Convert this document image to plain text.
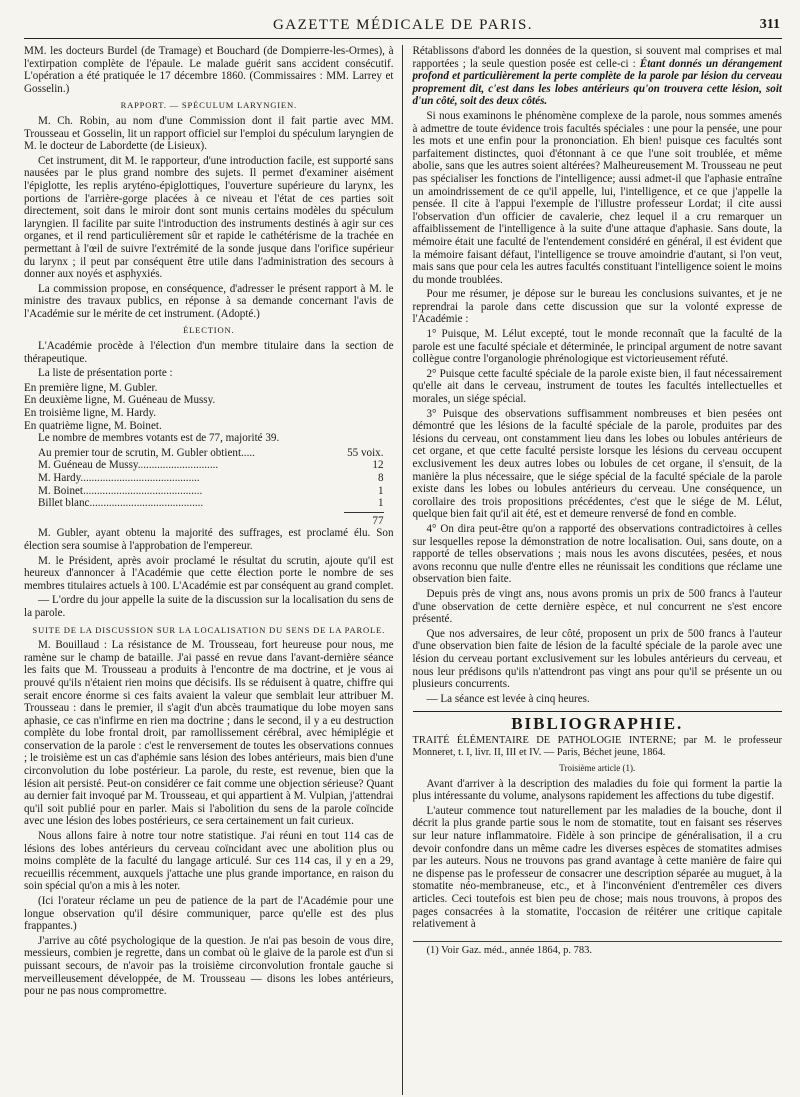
GAZETTE MÉDICALE DE PARIS.	311

MM. les docteurs Burdel (de Tramage) et Bouchard (de Dompierre-les-Ormes), à l'extirpation complète de l'épaule. Le malade guérit sans accident consécutif. L'opération a été pratiquée le 17 décembre 1860. (Commissaires : MM. Larrey et Gosselin.)

RAPPORT. — SPÉCULUM LARYNGIEN.

M. Ch. Robin, au nom d'une Commission dont il fait partie avec MM. Trousseau et Gosselin, lit un rapport officiel sur l'emploi du spéculum laryngien de M. le docteur de Labordette (de Lisieux).

Cet instrument, dit M. le rapporteur, d'une introduction facile, est supporté sans nausées par le plus grand nombre des sujets. Il permet d'examiner aisément l'épiglotte, les replis aryténo-épiglottiques, l'ouverture supérieure du larynx, les portions de l'arrière-gorge placées à ce niveau et l'état de ces parties soit directement, soit dans le miroir dont sont munis certains modèles du spéculum laryngien. Il facilite par suite l'introduction des instruments destinés à agir sur ces organes, et il rend particulièrement sûr et rapide le cathétérisme de la trachée en permettant à l'œil de suivre l'extrémité de la sonde jusque dans l'orifice supérieur du larynx ; il peut par conséquent être utile dans l'administration des secours à donner aux noyés et asphyxiés.

La commission propose, en conséquence, d'adresser le présent rapport à M. le ministre des travaux publics, en réponse à sa demande concernant l'avis de l'Académie sur le mérite de cet instrument. (Adopté.)

ÉLECTION.

L'Académie procède à l'élection d'un membre titulaire dans la section de thérapeutique.

La liste de présentation porte :

En première ligne, M. Gubler.
En deuxième ligne, M. Guéneau de Mussy.
En troisième ligne, M. Hardy.
En quatrième ligne, M. Boinet.

Le nombre de membres votants est de 77, majorité 39.

Au premier tour de scrutin, M. Gubler obtient.....	55 voix.
M. Guéneau de Mussy.............................	12
M. Hardy...........................................	8
M. Boinet...........................................	1
Billet blanc.........................................	1
77

M. Gubler, ayant obtenu la majorité des suffrages, est proclamé élu. Son élection sera soumise à l'approbation de l'empereur.

M. le Président, après avoir proclamé le résultat du scrutin, ajoute qu'il est heureux d'annoncer à l'Académie que cette élection porte le nombre de ses membres titulaires actuels à 100. L'Académie est par conséquent au grand complet.

— L'ordre du jour appelle la suite de la discussion sur la localisation du sens de la parole.

SUITE DE LA DISCUSSION SUR LA LOCALISATION DU SENS DE LA PAROLE.

M. Bouillaud : La résistance de M. Trousseau, fort heureuse pour nous, me ramène sur le champ de bataille. J'ai passé en revue dans l'avant-dernière séance les faits que M. Trousseau a produits à l'encontre de ma doctrine, et je vous ai prouvé qu'ils n'étaient rien moins que décisifs. Ils se réduisent à quatre, chiffre qui serait encore énorme si ces faits avaient la valeur que semblait leur attribuer M. Trousseau : dans le premier, il s'agit d'un abcès traumatique du lobe moyen sans aphasie, ce cas n'infirme en rien ma doctrine ; dans le second, il y a eu destruction complète du lobe frontal droit, par ramollissement cérébral, avec hémiplégie et conservation de la parole : c'est le renversement de toutes les observations connues ; le troisième est un cas d'aphémie sans lésion des lobes antérieurs, mais bien d'une circonvolution du lobe postérieur. La parole, du reste, est revenue, bien que la lésion ait persisté. Peut-on considérer ce fait comme une objection sérieuse? Quant au dernier fait invoqué par M. Trousseau, et qui appartient à M. Vulpian, j'attendrai qu'il soit publié pour en parler. Mais si l'abolition du sens de la parole coïncide avec une lésion des lobes postérieurs, ce sera certainement un fait curieux.

Nous allons faire à notre tour notre statistique. J'ai réuni en tout 114 cas de lésions des lobes antérieurs du cerveau coïncidant avec une abolition plus ou moins complète de la faculté du langage articulé. Sur ces 114 cas, il y en a 29, recueillis récemment, auxquels j'attache une plus grande importance, en raison du soin spécial qu'on a mis à les noter.

(Ici l'orateur réclame un peu de patience de la part de l'Académie pour une longue observation qu'il désire communiquer, parce qu'elle est des plus frappantes.)

J'arrive au côté psychologique de la question. Je n'ai pas besoin de vous dire, messieurs, combien je regrette, dans un combat où le glaive de la parole est d'un si puissant secours, de n'avoir pas la troisième circonvolution frontale gauche si merveilleusement développée, de M. Trousseau — disons les lobes antérieurs, pour ne pas nous compromettre.

Rétablissons d'abord les données de la question, si souvent mal comprises et mal rapportées ; la seule question posée est celle-ci : Étant donnés un dérangement profond et particulièrement la perte complète de la parole par lésion du cerveau proprement dit, c'est dans les lobes antérieurs qu'on trouvera cette lésion, soit d'un côté, soit des deux côtés.

Si nous examinons le phénomène complexe de la parole, nous sommes amenés à admettre de toute évidence trois facultés spéciales : une pour la pensée, une pour les mots et une enfin pour la prononciation. Eh bien! puisque ces facultés sont parfaitement distinctes, quoi d'étonnant à ce que l'une soit troublée, et même abolie, sans que les autres soient altérées? Malheureusement M. Trousseau ne peut pas spécialiser les fonctions de l'intelligence; aussi admet-il que l'aphasie entraîne un amoindrissement de ce qu'il appelle, lui, l'intelligence, et ce que j'appelle la pensée. Il cite à l'appui l'exemple de l'illustre professeur Lordat; il cite aussi l'observation d'un officier de cavalerie, chez lequel il a cru remarquer un affaiblissement de l'intelligence à la suite d'une attaque d'aphasie. Sans doute, la mémoire était une faculté de l'entendement considéré en général, il est évident que la mémoire faisant défaut, l'intelligence se trouve amoindrie d'autant, si l'on veut, mais sans que pour cela les autres facultés constituant l'intelligence soient le moins du monde troublées.

Pour me résumer, je dépose sur le bureau les conclusions suivantes, et je ne reprendrai la parole dans cette discussion que sur la volonté expresse de l'Académie :

1° Puisque, M. Lélut excepté, tout le monde reconnaît que la faculté de la parole est une faculté spéciale et déterminée, le principal argument de notre savant collègue contre l'organologie phrénologique est victorieusement réfuté.

2° Puisque cette faculté spéciale de la parole existe bien, il faut nécessairement qu'elle ait dans le cerveau, instrument de toutes les facultés intellectuelles et morales, un siége spécial.

3° Puisque des observations suffisamment nombreuses et bien pesées ont démontré que les lésions de la faculté spéciale de la parole, produites par des lésions du cerveau, ont constamment lieu dans les lobes ou lobules antérieurs de cet organe, et que cette faculté persiste lorsque les lésions du cerveau occupent exclusivement les deux autres lobes ou lobules de cet organe, il s'ensuit, de la manière la plus nécessaire, que le siége spécial de la faculté spéciale de la parole existe dans les lobes ou lobules antérieurs du cerveau. Une conséquence, un corollaire des trois propositions précédentes, c'est que le siége de M. Lélut, quelque bien fait qu'il ait été, est et demeure renversé de fond en comble.

4° On dira peut-être qu'on a rapporté des observations contradictoires à celles sur lesquelles repose la démonstration de notre localisation. Oui, sans doute, on a rapporté de telles observations ; mais nous les avons discutées, pesées, et nous avons reconnu que nulle d'entre elles ne réunissait les conditions que réclame une observation bien faite.

Depuis près de vingt ans, nous avons promis un prix de 500 francs à l'auteur d'une observation de cette dernière espèce, et nul concurrent ne s'est encore présenté.

Que nos adversaires, de leur côté, proposent un prix de 500 francs à l'auteur d'une observation bien faite de lésion de la faculté spéciale de la parole avec une lésion du cerveau portant exclusivement sur les lobules antérieurs du cerveau, et nous leur prédisons qu'ils n'attendront pas vingt ans pour qu'il se présente un ou plusieurs concurrents.

— La séance est levée à cinq heures.

BIBLIOGRAPHIE.

TRAITÉ ÉLÉMENTAIRE DE PATHOLOGIE INTERNE; par M. le professeur Monneret, t. I, livr. II, III et IV. — Paris, Béchet jeune, 1864.

Troisième article (1).

Avant d'arriver à la description des maladies du foie qui forment la partie la plus intéressante du volume, analysons rapidement les affections du tube digestif.

L'auteur commence tout naturellement par les maladies de la bouche, dont il décrit la plus grande partie sous le nom de stomatite, tout en faisant ses réserves sur leur nature inflammatoire. Fidèle à son principe de généralisation, il a cru devoir confondre dans un même cadre les diverses espèces de stomatites admises par les auteurs. Nous ne trouvons pas grand avantage à cette manière de faire qui ne dispense pas le professeur de consacrer une description séparée au muguet, à la stomatite néo-membraneuse, etc., et à l'inconvénient d'entremêler ces divers articles. Ceci toutefois est bien peu de chose; mais nous trouvons, à propos des pages consacrées à la stomatite, l'occasion de réitérer une critique capitale relativement à

(1) Voir Gaz. méd., année 1864, p. 783.
